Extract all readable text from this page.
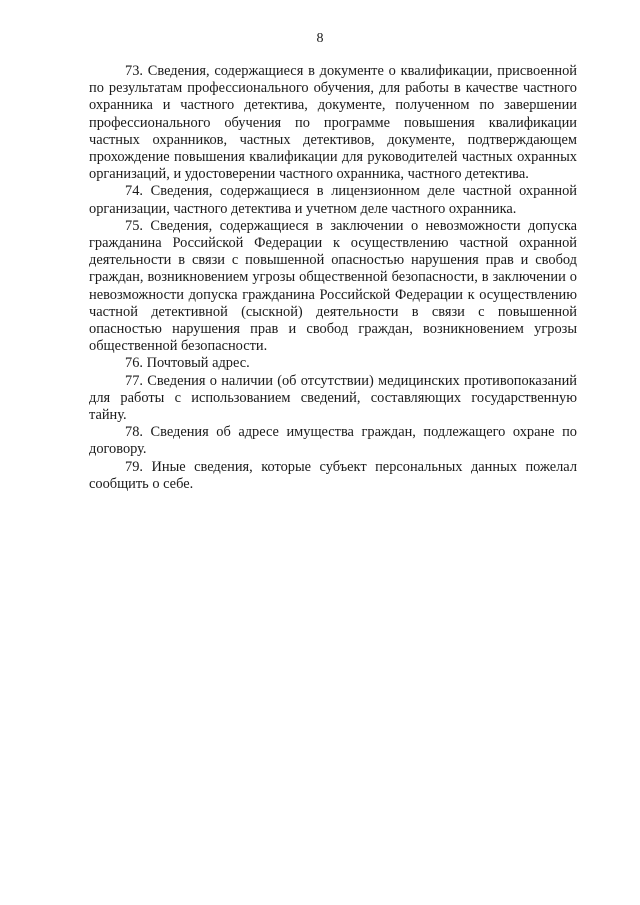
8

73. Сведения, содержащиеся в документе о квалификации, присвоенной по результатам профессионального обучения, для работы в качестве частного охранника и частного детектива, документе, полученном по завершении профессионального обучения по программе повышения квалификации частных охранников, частных детективов, документе, подтверждающем прохождение повышения квалификации для руководителей частных охранных организаций, и удостоверении частного охранника, частного детектива.

74. Сведения, содержащиеся в лицензионном деле частной охранной организации, частного детектива и учетном деле частного охранника.

75. Сведения, содержащиеся в заключении о невозможности допуска гражданина Российской Федерации к осуществлению частной охранной деятельности в связи с повышенной опасностью нарушения прав и свобод граждан, возникновением угрозы общественной безопасности, в заключении о невозможности допуска гражданина Российской Федерации к осуществлению частной детективной (сыскной) деятельности в связи с повышенной опасностью нарушения прав и свобод граждан, возникновением угрозы общественной безопасности.

76. Почтовый адрес.

77. Сведения о наличии (об отсутствии) медицинских противопоказаний для работы с использованием сведений, составляющих государственную тайну.

78. Сведения об адресе имущества граждан, подлежащего охране по договору.

79. Иные сведения, которые субъект персональных данных пожелал сообщить о себе.
